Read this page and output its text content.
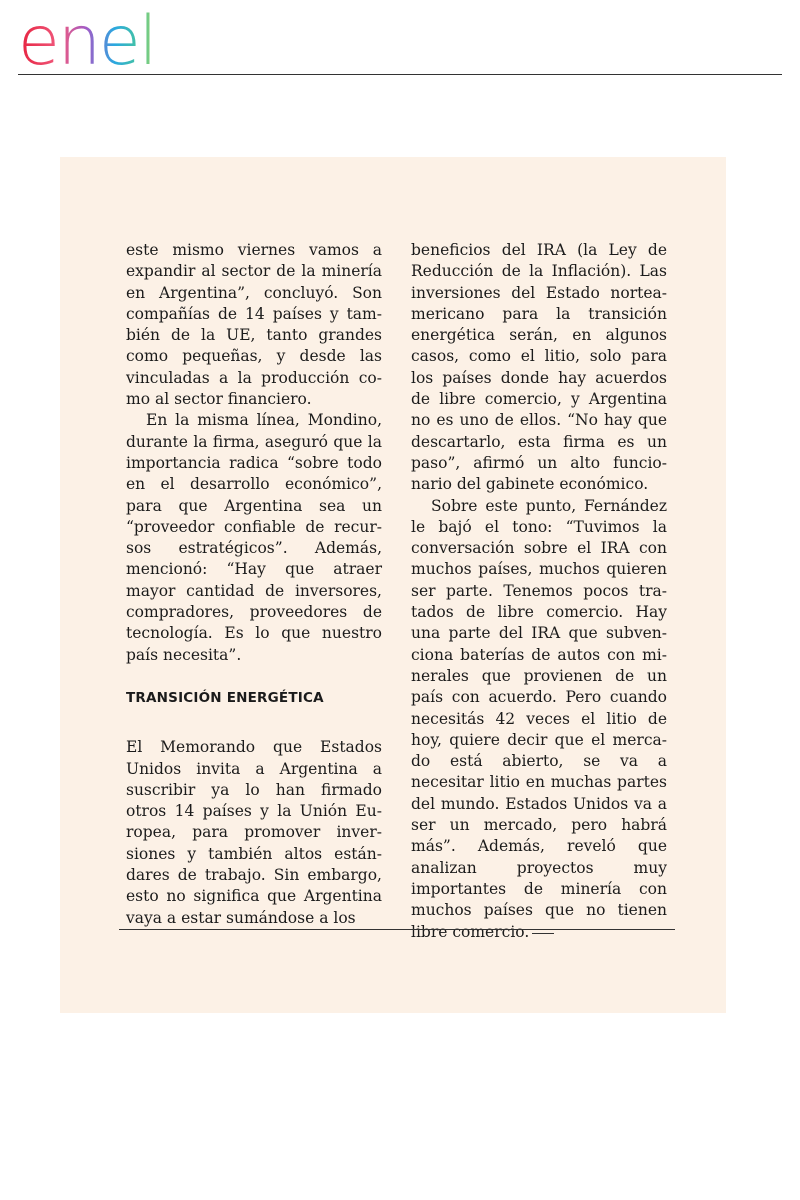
enel

este mismo viernes vamos a expandir al sector de la minería en Argentina”, concluyó. Son compañías de 14 países y también de la UE, tanto grandes como pequeñas, y desde las vinculadas a la producción como al sector financiero.

En la misma línea, Mondino, durante la firma, aseguró que la importancia radica “sobre todo en el desarrollo económico”, para que Argentina sea un “proveedor confiable de recursos estratégicos”. Además, mencionó: “Hay que atraer mayor cantidad de inversores, compradores, proveedores de tecnología. Es lo que nuestro país necesita”.

TRANSICIÓN ENERGÉTICA

El Memorando que Estados Unidos invita a Argentina a suscribir ya lo han firmado otros 14 países y la Unión Europea, para promover inversiones y también altos estándares de trabajo. Sin embargo, esto no significa que Argentina vaya a estar sumándose a los

beneficios del IRA (la Ley de Reducción de la Inflación). Las inversiones del Estado norteamericano para la transición energética serán, en algunos casos, como el litio, solo para los países donde hay acuerdos de libre comercio, y Argentina no es uno de ellos. “No hay que descartarlo, esta firma es un paso”, afirmó un alto funcionario del gabinete económico.

Sobre este punto, Fernández le bajó el tono: “Tuvimos la conversación sobre el IRA con muchos países, muchos quieren ser parte. Tenemos pocos tratados de libre comercio. Hay una parte del IRA que subvenciona baterías de autos con minerales que provienen de un país con acuerdo. Pero cuando necesitás 42 veces el litio de hoy, quiere decir que el mercado está abierto, se va a necesitar litio en muchas partes del mundo. Estados Unidos va a ser un mercado, pero habrá más”. Además, reveló que analizan proyectos muy importantes de minería con muchos países que no tienen libre comercio.
